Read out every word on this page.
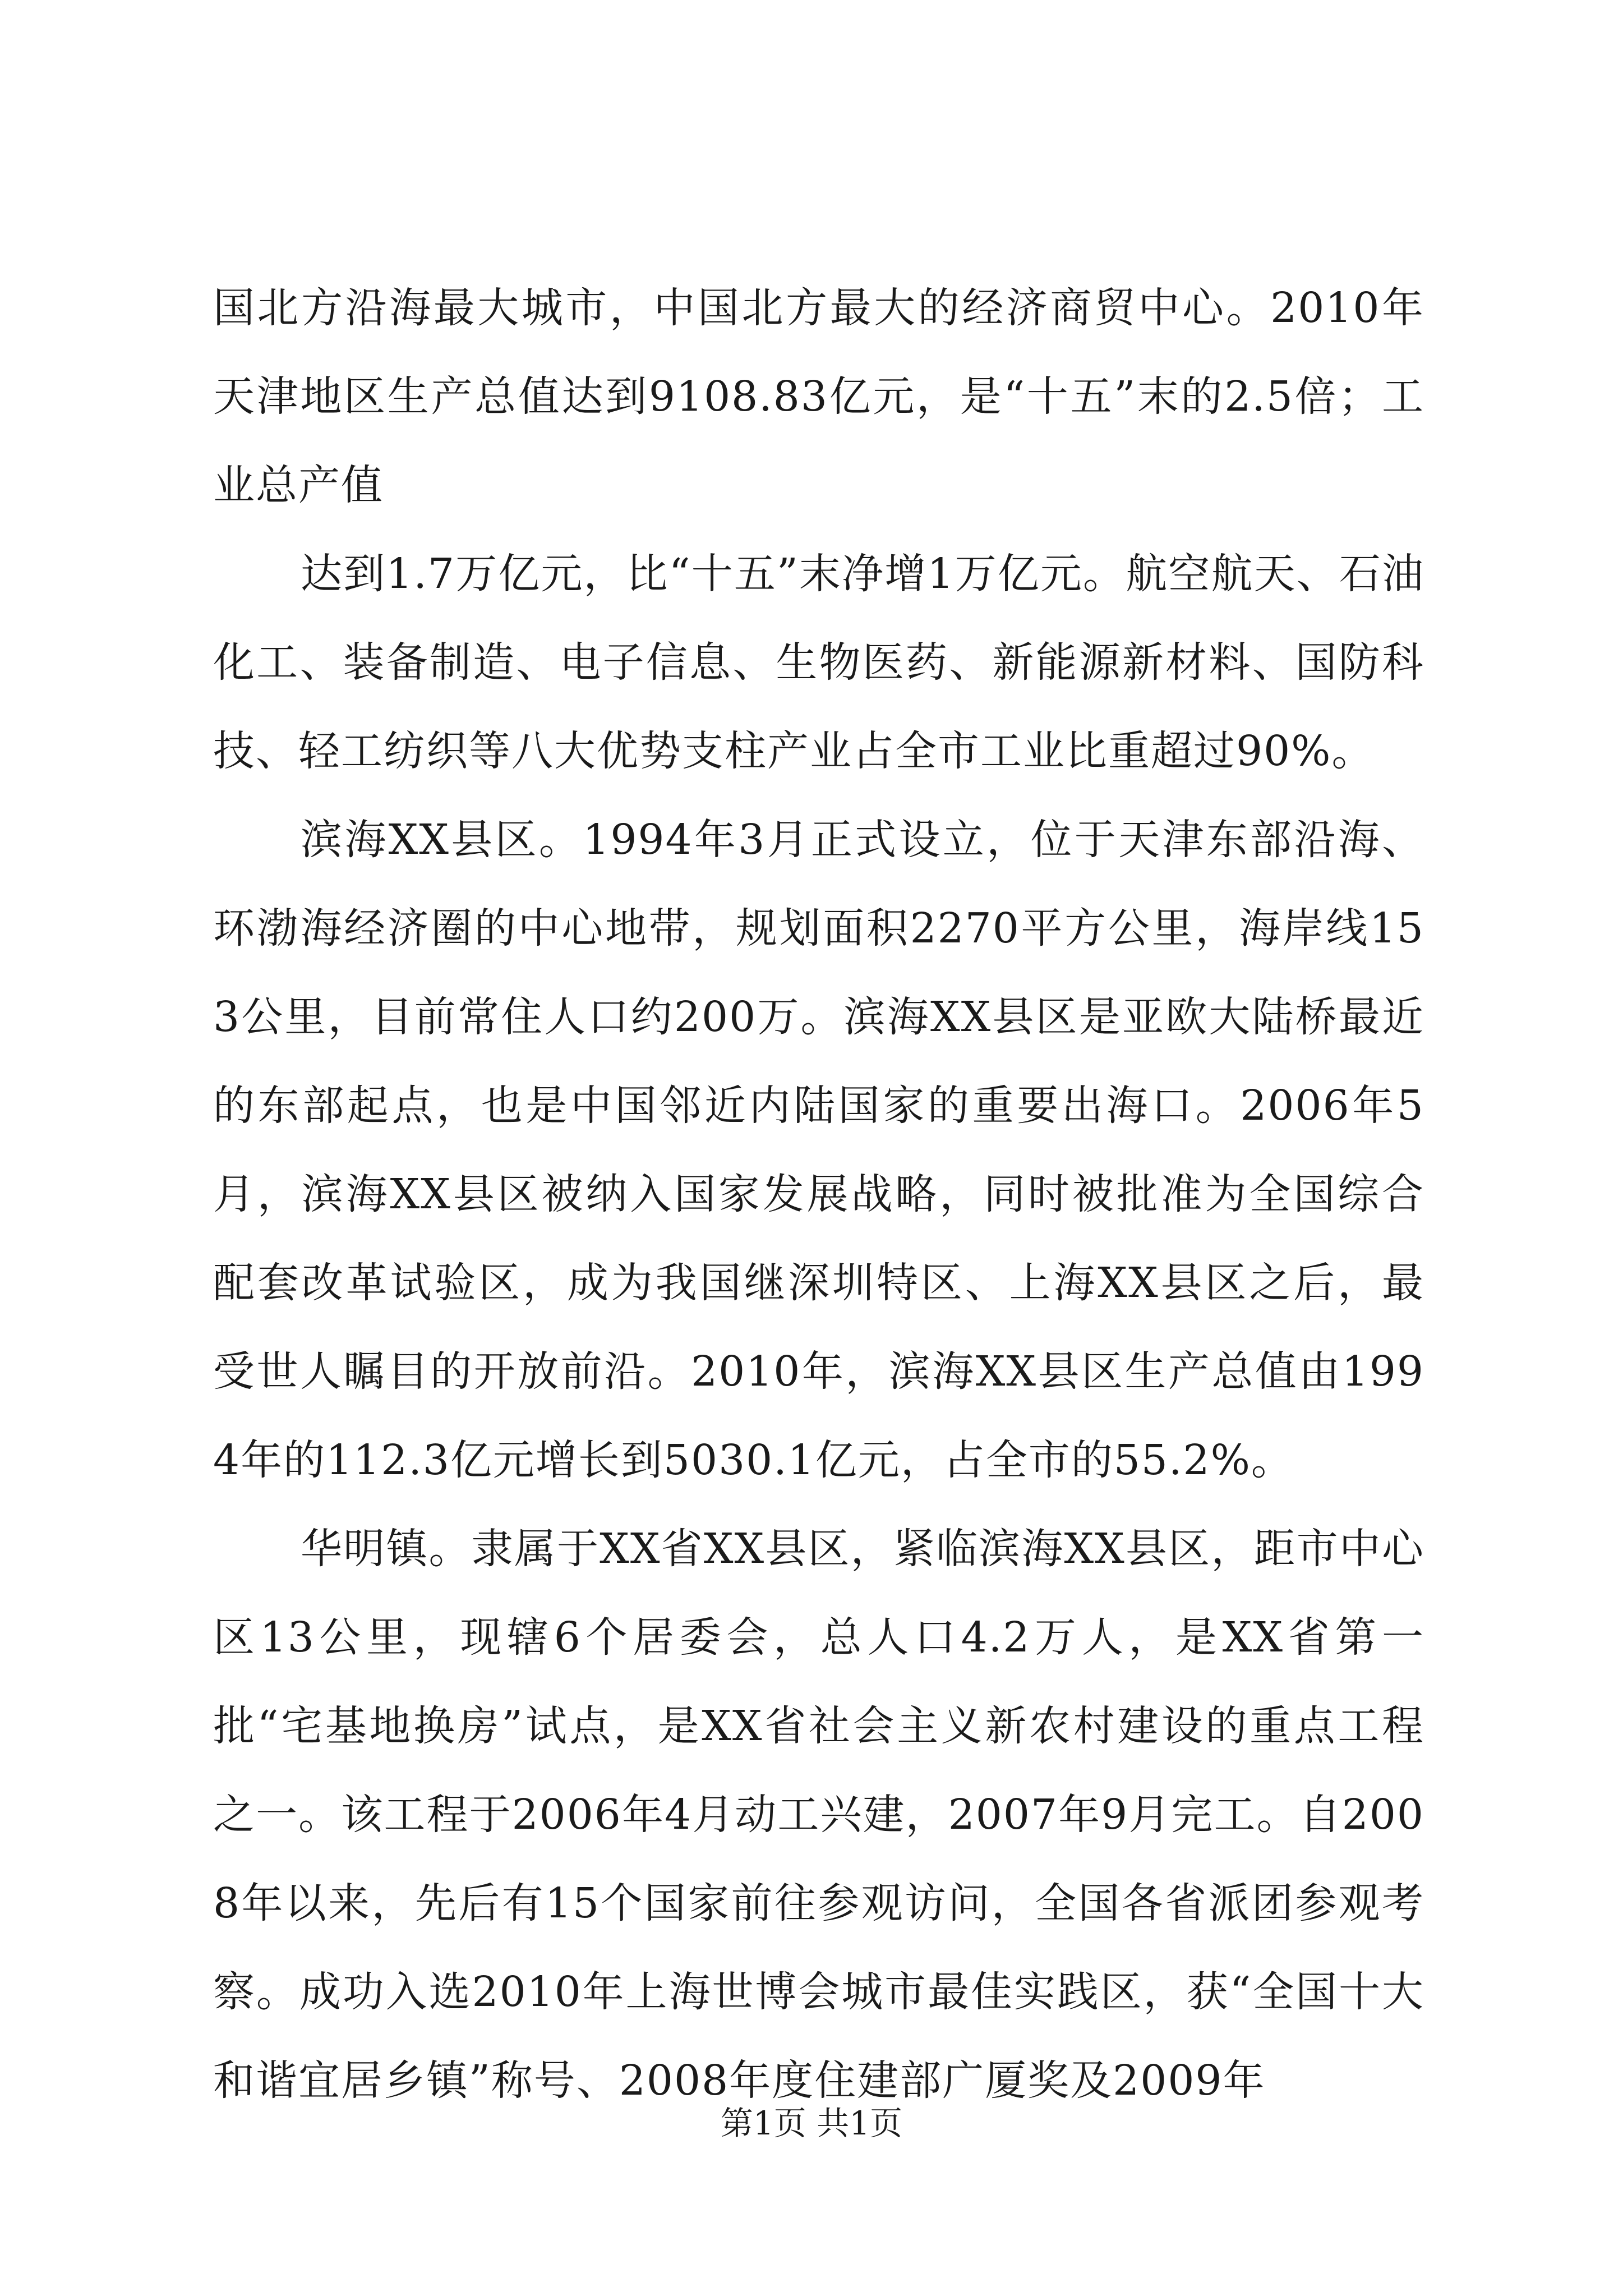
国北方沿海最大城市，中国北方最大的经济商贸中心。2010年天津地区生产总值达到9108.83亿元，是“十五”末的2.5倍；工业总产值

达到1.7万亿元，比“十五”末净增1万亿元。航空航天、石油化工、装备制造、电子信息、生物医药、新能源新材料、国防科技、轻工纺织等八大优势支柱产业占全市工业比重超过90%。

滨海XX县区。1994年3月正式设立，位于天津东部沿海、环渤海经济圈的中心地带，规划面积2270平方公里，海岸线153公里，目前常住人口约200万。滨海XX县区是亚欧大陆桥最近的东部起点，也是中国邻近内陆国家的重要出海口。2006年5月，滨海XX县区被纳入国家发展战略，同时被批准为全国综合配套改革试验区，成为我国继深圳特区、上海XX县区之后，最受世人瞩目的开放前沿。2010年，滨海XX县区生产总值由1994年的112.3亿元增长到5030.1亿元，占全市的55.2%。

华明镇。隶属于XX省XX县区，紧临滨海XX县区，距市中心区13公里，现辖6个居委会，总人口4.2万人，是XX省第一批“宅基地换房”试点，是XX省社会主义新农村建设的重点工程之一。该工程于2006年4月动工兴建，2007年9月完工。自2008年以来，先后有15个国家前往参观访问，全国各省派团参观考察。成功入选2010年上海世博会城市最佳实践区，获“全国十大和谐宜居乡镇”称号、2008年度住建部广厦奖及2009年

第1页 共1页
